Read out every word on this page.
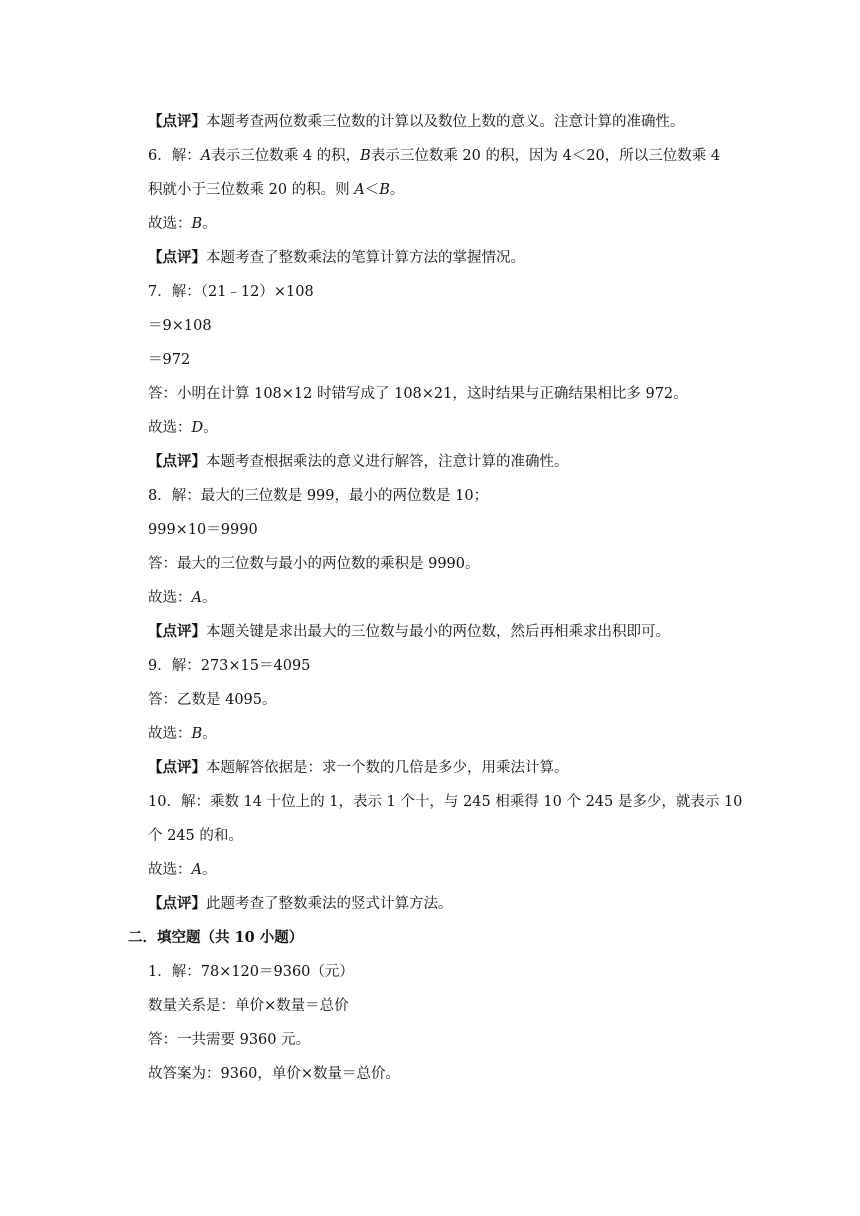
【点评】本题考查两位数乘三位数的计算以及数位上数的意义。注意计算的准确性。
6．解：A表示三位数乘 4 的积，B表示三位数乘 20 的积，因为 4＜20，所以三位数乘 4
积就小于三位数乘 20 的积。则 A＜B。
故选：B。
【点评】本题考查了整数乘法的笔算计算方法的掌握情况。
7．解：（21﹣12）×108
＝9×108
＝972
答：小明在计算 108×12 时错写成了 108×21，这时结果与正确结果相比多 972。
故选：D。
【点评】本题考查根据乘法的意义进行解答，注意计算的准确性。
8．解：最大的三位数是 999，最小的两位数是 10；
999×10＝9990
答：最大的三位数与最小的两位数的乘积是 9990。
故选：A。
【点评】本题关键是求出最大的三位数与最小的两位数，然后再相乘求出积即可。
9．解：273×15＝4095
答：乙数是 4095。
故选：B。
【点评】本题解答依据是：求一个数的几倍是多少，用乘法计算。
10．解：乘数 14 十位上的 1，表示 1 个十，与 245 相乘得 10 个 245 是多少，就表示 10
个 245 的和。
故选：A。
【点评】此题考查了整数乘法的竖式计算方法。
二．填空题（共 10 小题）
1．解：78×120＝9360（元）
数量关系是：单价×数量＝总价
答：一共需要 9360 元。
故答案为：9360，单价×数量＝总价。
